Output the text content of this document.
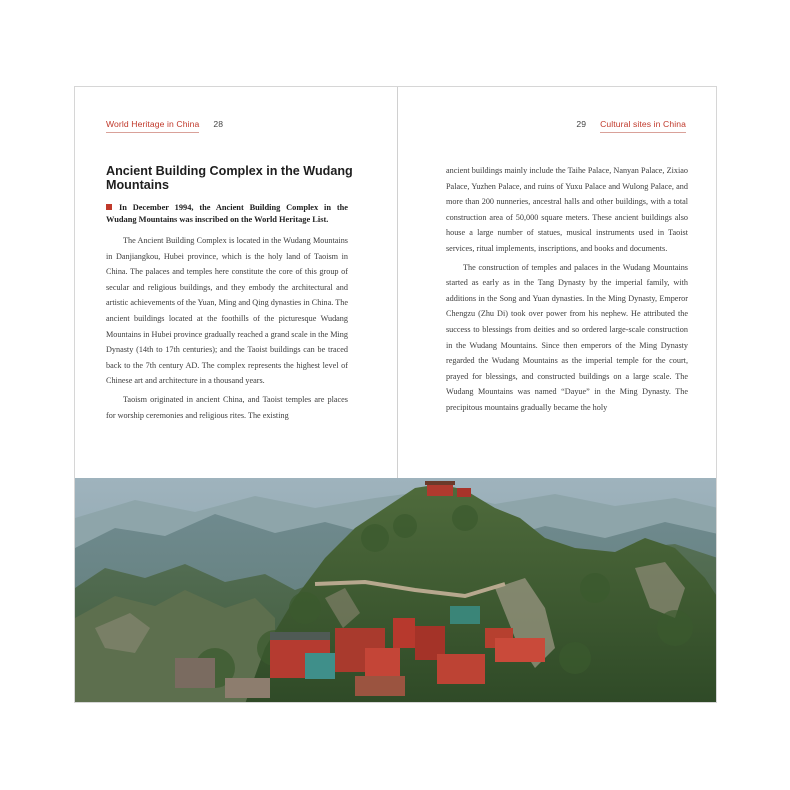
World Heritage in China 28	29 Cultural sites in China
Ancient Building Complex in the Wudang Mountains

In December 1994, the Ancient Building Complex in the Wudang Mountains was inscribed on the World Heritage List.

The Ancient Building Complex is located in the Wudang Mountains in Danjiangkou, Hubei province, which is the holy land of Taoism in China. The palaces and temples here constitute the core of this group of secular and religious buildings, and they embody the architectural and artistic achievements of the Yuan, Ming and Qing dynasties in China. The ancient buildings located at the foothills of the picturesque Wudang Mountains in Hubei province gradually reached a grand scale in the Ming Dynasty (14th to 17th centuries); and the Taoist buildings can be traced back to the 7th century AD. The complex represents the highest level of Chinese art and architecture in a thousand years.

Taoism originated in ancient China, and Taoist temples are places for worship ceremonies and religious rites. The existing

ancient buildings mainly include the Taihe Palace, Nanyan Palace, Zixiao Palace, Yuzhen Palace, and ruins of Yuxu Palace and Wulong Palace, and more than 200 nunneries, ancestral halls and other buildings, with a total construction area of 50,000 square meters. These ancient buildings also house a large number of statues, musical instruments used in Taoist services, ritual implements, inscriptions, and books and documents.

The construction of temples and palaces in the Wudang Mountains started as early as in the Tang Dynasty by the imperial family, with additions in the Song and Yuan dynasties. In the Ming Dynasty, Emperor Chengzu (Zhu Di) took over power from his nephew. He attributed the success to blessings from deities and so ordered large-scale construction in the Wudang Mountains. Since then emperors of the Ming Dynasty regarded the Wudang Mountains as the imperial temple for the court, prayed for blessings, and constructed buildings on a large scale. The Wudang Mountains was named “Dayue” in the Ming Dynasty. The precipitous mountains gradually became the holy
